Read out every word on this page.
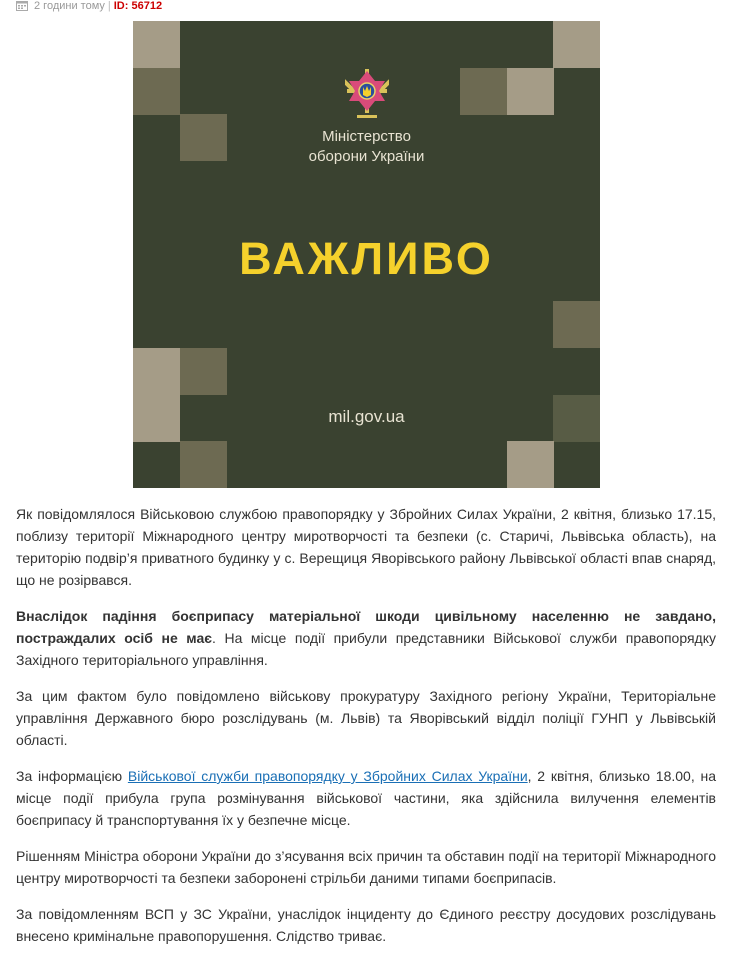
2 години тому | ID: 56712
Міністерство
оборони України
ВАЖЛИВО
mil.gov.ua

Як повідомлялося Військовою службою правопорядку у Збройних Силах України, 2 квітня, близько 17.15, поблизу території Міжнародного центру миротворчості та безпеки (с. Старичі, Львівська область), на територію подвір’я приватного будинку у с. Верещиця Яворівського району Львівської області впав снаряд, що не розірвався.

Внаслідок падіння боєприпасу матеріальної шкоди цивільному населенню не завдано, постраждалих осіб не має. На місце події прибули представники Військової служби правопорядку Західного територіального управління.

За цим фактом було повідомлено військову прокуратуру Західного регіону України, Територіальне управління Державного бюро розслідувань (м. Львів) та Яворівський відділ поліції ГУНП у Львівській області.

За інформацією Військової служби правопорядку у Збройних Силах України, 2 квітня, близько 18.00, на місце події прибула група розмінування військової частини, яка здійснила вилучення елементів боєприпасу й транспортування їх у безпечне місце.

Рішенням Міністра оборони України до з’ясування всіх причин та обставин події на території Міжнародного центру миротворчості та безпеки заборонені стрільби даними типами боєприпасів.

За повідомленням ВСП у ЗС України, унаслідок інциденту до Єдиного реєстру досудових розслідувань внесено кримінальне правопорушення. Слідство триває.
